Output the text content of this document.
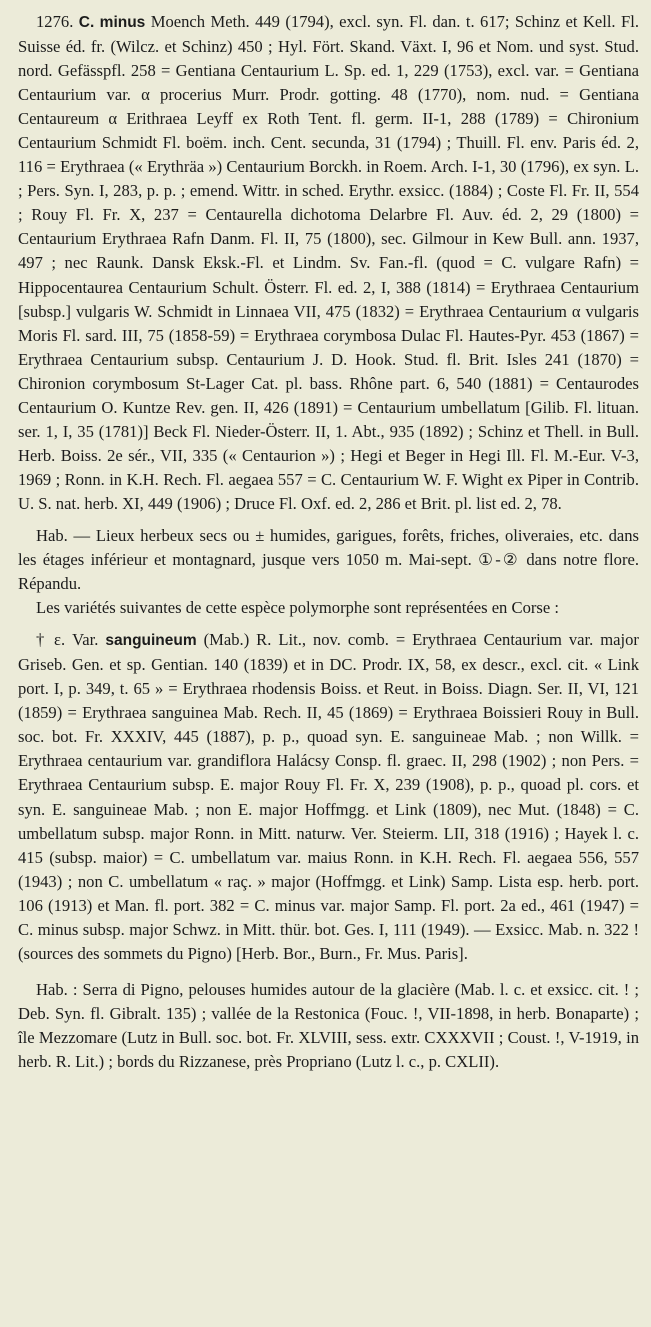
1276. C. minus Moench Meth. 449 (1794), excl. syn. Fl. dan. t. 617; Schinz et Kell. Fl. Suisse éd. fr. (Wilcz. et Schinz) 450 ; Hyl. Fört. Skand. Växt. I, 96 et Nom. und syst. Stud. nord. Gefässpfl. 258 = Gentiana Centaurium L. Sp. ed. 1, 229 (1753), excl. var. = Gentiana Centaurium var. α procerius Murr. Prodr. gotting. 48 (1770), nom. nud. = Gentiana Centaureum α Erithraea Leyff ex Roth Tent. fl. germ. II-1, 288 (1789) = Chironium Centaurium Schmidt Fl. boëm. inch. Cent. secunda, 31 (1794) ; Thuill. Fl. env. Paris éd. 2, 116 = Erythraea (« Erythräa ») Centaurium Borckh. in Roem. Arch. I-1, 30 (1796), ex syn. L. ; Pers. Syn. I, 283, p. p. ; emend. Wittr. in sched. Erythr. exsicc. (1884) ; Coste Fl. Fr. II, 554 ; Rouy Fl. Fr. X, 237 = Centaurella dichotoma Delarbre Fl. Auv. éd. 2, 29 (1800) = Centaurium Erythraea Rafn Danm. Fl. II, 75 (1800), sec. Gilmour in Kew Bull. ann. 1937, 497 ; nec Raunk. Dansk Eksk.-Fl. et Lindm. Sv. Fan.-fl. (quod = C. vulgare Rafn) = Hippocentaurea Centaurium Schult. Österr. Fl. ed. 2, I, 388 (1814) = Erythraea Centaurium [subsp.] vulgaris W. Schmidt in Linnaea VII, 475 (1832) = Erythraea Centaurium α vulgaris Moris Fl. sard. III, 75 (1858-59) = Erythraea corymbosa Dulac Fl. Hautes-Pyr. 453 (1867) = Erythraea Centaurium subsp. Centaurium J. D. Hook. Stud. fl. Brit. Isles 241 (1870) = Chironion corymbosum St-Lager Cat. pl. bass. Rhône part. 6, 540 (1881) = Centaurodes Centaurium O. Kuntze Rev. gen. II, 426 (1891) = Centaurium umbellatum [Gilib. Fl. lituan. ser. 1, I, 35 (1781)] Beck Fl. Nieder-Österr. II, 1. Abt., 935 (1892) ; Schinz et Thell. in Bull. Herb. Boiss. 2e sér., VII, 335 (« Centaurion ») ; Hegi et Beger in Hegi Ill. Fl. M.-Eur. V-3, 1969 ; Ronn. in K.H. Rech. Fl. aegaea 557 = C. Centaurium W. F. Wight ex Piper in Contrib. U. S. nat. herb. XI, 449 (1906) ; Druce Fl. Oxf. ed. 2, 286 et Brit. pl. list ed. 2, 78.

Hab. — Lieux herbeux secs ou ± humides, garigues, forêts, friches, oliveraies, etc. dans les étages inférieur et montagnard, jusque vers 1050 m. Mai-sept. ①-② dans notre flore. Répandu.

Les variétés suivantes de cette espèce polymorphe sont représentées en Corse :

† ε. Var. sanguineum (Mab.) R. Lit., nov. comb. = Erythraea Centaurium var. major Griseb. Gen. et sp. Gentian. 140 (1839) et in DC. Prodr. IX, 58, ex descr., excl. cit. « Link port. I, p. 349, t. 65 » = Erythraea rhodensis Boiss. et Reut. in Boiss. Diagn. Ser. II, VI, 121 (1859) = Erythraea sanguinea Mab. Rech. II, 45 (1869) = Erythraea Boissieri Rouy in Bull. soc. bot. Fr. XXXIV, 445 (1887), p. p., quoad syn. E. sanguineae Mab. ; non Willk. = Erythraea centaurium var. grandiflora Halácsy Consp. fl. graec. II, 298 (1902) ; non Pers. = Erythraea Centaurium subsp. E. major Rouy Fl. Fr. X, 239 (1908), p. p., quoad pl. cors. et syn. E. sanguineae Mab. ; non E. major Hoffmgg. et Link (1809), nec Mut. (1848) = C. umbellatum subsp. major Ronn. in Mitt. naturw. Ver. Steierm. LII, 318 (1916) ; Hayek l. c. 415 (subsp. maior) = C. umbellatum var. maius Ronn. in K.H. Rech. Fl. aegaea 556, 557 (1943) ; non C. umbellatum « raç. » major (Hoffmgg. et Link) Samp. Lista esp. herb. port. 106 (1913) et Man. fl. port. 382 = C. minus var. major Samp. Fl. port. 2a ed., 461 (1947) = C. minus subsp. major Schwz. in Mitt. thür. bot. Ges. I, 111 (1949). — Exsicc. Mab. n. 322 ! (sources des sommets du Pigno) [Herb. Bor., Burn., Fr. Mus. Paris].

Hab. : Serra di Pigno, pelouses humides autour de la glacière (Mab. l. c. et exsicc. cit. ! ; Deb. Syn. fl. Gibralt. 135) ; vallée de la Restonica (Fouc. !, VII-1898, in herb. Bonaparte) ; île Mezzomare (Lutz in Bull. soc. bot. Fr. XLVIII, sess. extr. CXXXVII ; Coust. !, V-1919, in herb. R. Lit.) ; bords du Rizzanese, près Propriano (Lutz l. c., p. CXLII).
